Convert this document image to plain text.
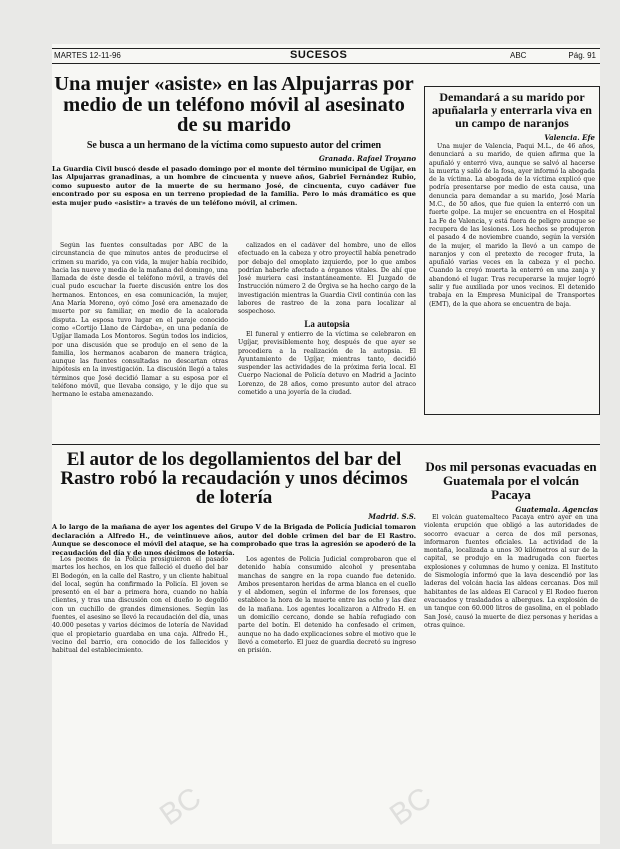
MARTES 12-11-96	SUCESOS	ABC	Pág. 91
Una mujer «asiste» en las Alpujarras por medio de un teléfono móvil al asesinato de su marido
Se busca a un hermano de la víctima como supuesto autor del crimen
Granada. Rafael Troyano
La Guardia Civil buscó desde el pasado domingo por el monte del término municipal de Ugíjar, en las Alpujarras granadinas, a un hombre de cincuenta y nueve años, Gabriel Fernández Rubio, como supuesto autor de la muerte de su hermano José, de cincuenta, cuyo cadáver fue encontrado por su esposa en un terreno propiedad de la familia. Pero lo más dramático es que esta mujer pudo «asistir» a través de un teléfono móvil, al crimen.

Según las fuentes consultadas por ABC de la circunstancia de que minutos antes de producirse el crimen su marido, ya con vida, la mujer había recibido, hacia las nueve y media de la mañana del domingo, una llamada de éste desde el teléfono móvil, a través del cual pudo escuchar la fuerte discusión entre los dos hermanos. Entonces, en esa comunicación, la mujer, Ana María Moreno, oyó cómo José era amenazado de muerte por su familiar, en medio de la acalorada disputa. La esposa tuvo lugar en el paraje conocido como «Cortijo Llano de Cárdoba», en una pedanía de Ugíjar llamada Los Montoros. Según todos los indicios, por una discusión que se produjo en el seno de la familia, los hermanos acabaron de manera trágica, aunque las fuentes consultadas no descartan otras hipótesis en la investigación. La discusión llegó a tales términos que José decidió llamar a su esposa por el teléfono móvil, que llevaba consigo, y le dijo que su hermano le estaba amenazando.

calizados en el cadáver del hombre, uno de ellos efectuado en la cabeza y otro proyectil había penetrado por debajo del omoplato izquierdo, por lo que ambos podrían haberle afectado a órganos vitales. De ahí que José muriera casi instantáneamente. El Juzgado de Instrucción número 2 de Órgiva se ha hecho cargo de la investigación mientras la Guardia Civil continúa con las labores de rastreo de la zona para localizar al sospechoso.

La autopsia

El funeral y entierro de la víctima se celebraron en Ugíjar, previsiblemente hoy, después de que ayer se procediera a la realización de la autopsia. El Ayuntamiento de Ugíjar, mientras tanto, decidió suspender las actividades de la próxima feria local. El Cuerpo Nacional de Policía detuvo en Madrid a Jacinto Lorenzo, de 28 años, como presunto autor del atraco cometido a una joyería de la ciudad.

Demandará a su marido por apuñalarla y enterrarla viva en un campo de naranjos
Valencia. Efe

Una mujer de Valencia, Paqui M.L., de 46 años, denunciará a su marido, de quien afirma que la apuñaló y enterró viva, aunque se salvó al hacerse la muerta y salió de la fosa, ayer informó la abogada de la víctima. La abogada de la víctima explicó que podría presentarse por medio de esta causa, una denuncia para demandar a su marido, José María M.C., de 50 años, que fue quien la enterró con un fuerte golpe. La mujer se encuentra en el Hospital La Fe de Valencia, y está fuera de peligro aunque se recupera de las lesiones. Los hechos se produjeron el pasado 4 de noviembre cuando, según la versión de la mujer, el marido la llevó a un campo de naranjos y con el pretexto de recoger fruta, la apuñaló varias veces en la cabeza y el pecho. Cuando la creyó muerta la enterró en una zanja y abandonó el lugar. Tras recuperarse la mujer logró salir y fue auxiliada por unos vecinos. El detenido trabaja en la Empresa Municipal de Transportes (EMT), de la que ahora se encuentra de baja.

El autor de los degollamientos del bar del Rastro robó la recaudación y unos décimos de lotería
Madrid. S.S.
A lo largo de la mañana de ayer los agentes del Grupo V de la Brigada de Policía Judicial tomaron declaración a Alfredo H., de veintinueve años, autor del doble crimen del bar de El Rastro. Aunque se desconoce el móvil del ataque, se ha comprobado que tras la agresión se apoderó de la recaudación del día y de unos décimos de lotería.

Los peones de la Policía prosiguieron el pasado martes los hechos, en los que falleció el dueño del bar El Bodegón, en la calle del Rastro, y un cliente habitual del local, según ha confirmado la Policía. El joven se presentó en el bar a primera hora, cuando no había clientes, y tras una discusión con el dueño lo degolló con un cuchillo de grandes dimensiones. Según las fuentes, el asesino se llevó la recaudación del día, unas 40.000 pesetas y varios décimos de lotería de Navidad que el propietario guardaba en una caja. Alfredo H., vecino del barrio, era conocido de los fallecidos y habitual del establecimiento.

Los agentes de Policía Judicial comprobaron que el detenido había consumido alcohol y presentaba manchas de sangre en la ropa cuando fue detenido. Ambos presentaron heridas de arma blanca en el cuello y el abdomen, según el informe de los forenses, que establece la hora de la muerte entre las ocho y las diez de la mañana. Los agentes localizaron a Alfredo H. en un domicilio cercano, donde se había refugiado con parte del botín. El detenido ha confesado el crimen, aunque no ha dado explicaciones sobre el motivo que le llevó a cometerlo. El juez de guardia decretó su ingreso en prisión.

Dos mil personas evacuadas en Guatemala por el volcán Pacaya
Guatemala. Agencias

El volcán guatemalteco Pacaya entró ayer en una violenta erupción que obligó a las autoridades de socorro evacuar a cerca de dos mil personas, informaron fuentes oficiales. La actividad de la montaña, localizada a unos 30 kilómetros al sur de la capital, se produjo en la madrugada con fuertes explosiones y columnas de humo y ceniza. El Instituto de Sismología informó que la lava descendió por las laderas del volcán hacia las aldeas cercanas. Dos mil habitantes de las aldeas El Caracol y El Rodeo fueron evacuados y trasladados a albergues. La explosión de un tanque con 60.000 litros de gasolina, en el poblado San José, causó la muerte de diez personas y heridas a otras quince.

BC	BC
